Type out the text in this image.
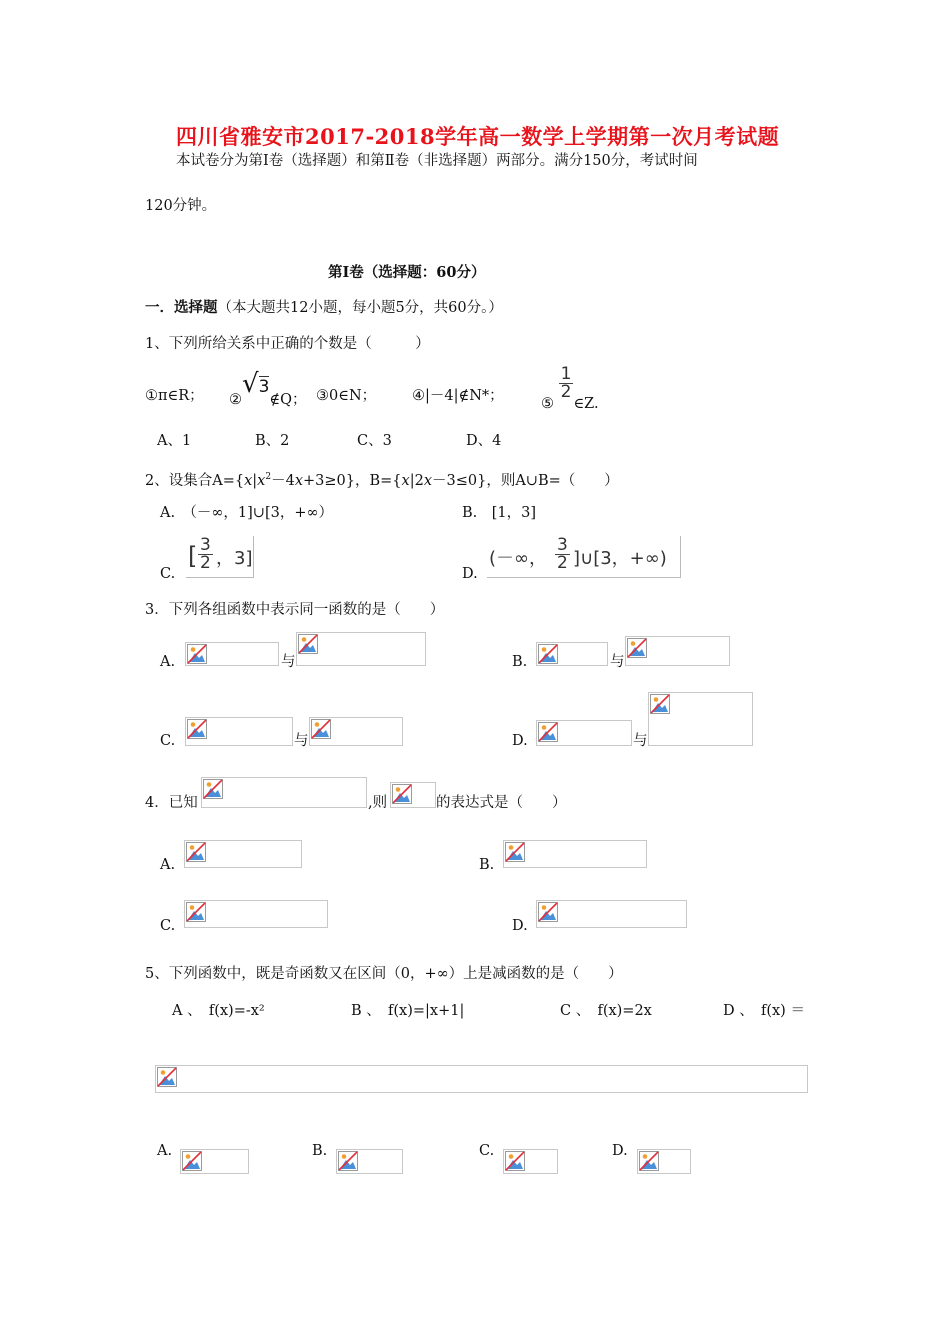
四川省雅安市2017-2018学年高一数学上学期第一次月考试题
本试卷分为第Ⅰ卷（选择题）和第Ⅱ卷（非选择题）两部分。满分150分，考试时间
120分钟。
第Ⅰ卷（选择题：60分）
一．选择题（本大题共12小题，每小题5分，共60分。）
1、下列所给关系中正确的个数是（　　　）
①π∈R； ②√3∉Q； ③0∈N； ④|－4|∉N*；	⑤
$\frac{1}{2}$
∈Z.
A、1	B、2	C、3	D、4
2、设集合$A=\{x|x^2-4x+3\ge 0\}$，B={x|2x－3≤0}，则A∪B=（　　）
A.　（－∞，1]∪[3，+∞）	B.　[1，3]
C.
[ $\frac{3}{2}$ ，3]
D.
(－∞， $\frac{3}{2}$ ]∪[3，+∞)
3．下列各组函数中表示同一函数的是（　　）
A.	与	B.	与
C.	与	D.	与
4．已知	,则	的表达式是（　　）
A.	B.
C.	D.
5、下列函数中，既是奇函数又在区间（0，+∞）上是减函数的是（　　）
A 、　f(x)=-x²	B 、　f(x)=|x+1|	C 、　f(x)=2x	D 、　f(x) ＝
A.	B.	C.	D.
